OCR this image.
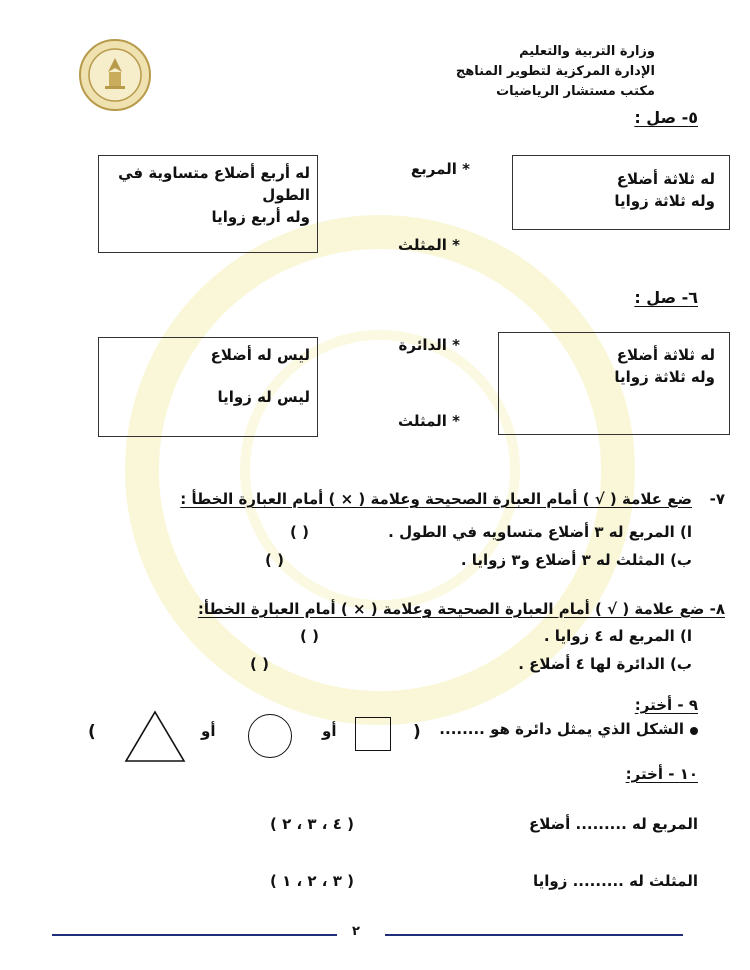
وزارة التربية والتعليم
الإدارة المركزية لتطوير المناهج
مكتب مستشار الرياضيات
٥- صل :
له أربع أضلاع متساوية في
الطول
وله أربع زوايا
* المربع
* المثلث
له ثلاثة أضلاع
وله ثلاثة زوايا
٦- صل :
ليس له أضلاع
ليس له زوايا
* الدائرة
* المثلث
له ثلاثة أضلاع
وله ثلاثة زوايا
٧-
ضع علامة ( √ ) أمام العبارة الصحيحة وعلامة ( × ) أمام العبارة الخطأ :
ا) المربع له ٣ أضلاع متساويه في الطول .
( )
ب) المثلث له ٣ أضلاع و٣ زوايا .
( )
٨- ضع علامة ( √ ) أمام العبارة الصحيحة وعلامة ( × ) أمام العبارة الخطأ:
ا) المربع له ٤ زوايا .
( )
ب) الدائرة لها ٤ أضلاع .
( )
٩ - أختر:
الشكل الذي يمثل دائرة هو ........
(
أو
أو
)
١٠ - أختر:
المربع له ......... أضلاع
( ٤ ، ٣ ، ٢ )
المثلث له ......... زوايا
( ٣ ، ٢ ، ١ )
٢
